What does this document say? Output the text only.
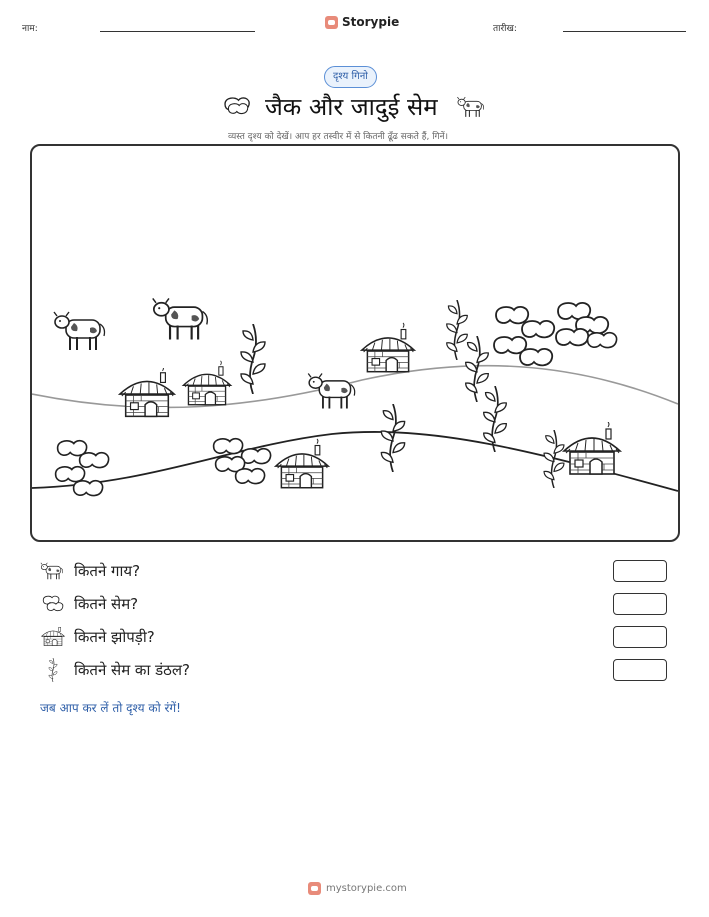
नाम:	Storypie	तारीख:
दृश्य गिनो
जैक और जादुई सेम
व्यस्त दृश्य को देखें। आप हर तस्वीर में से कितनी ढूँढ सकते हैं, गिनें।
कितने गाय?
कितने सेम?
कितने झोपड़ी?
कितने सेम का डंठल?
जब आप कर लें तो दृश्य को रंगें!
mystorypie.com
